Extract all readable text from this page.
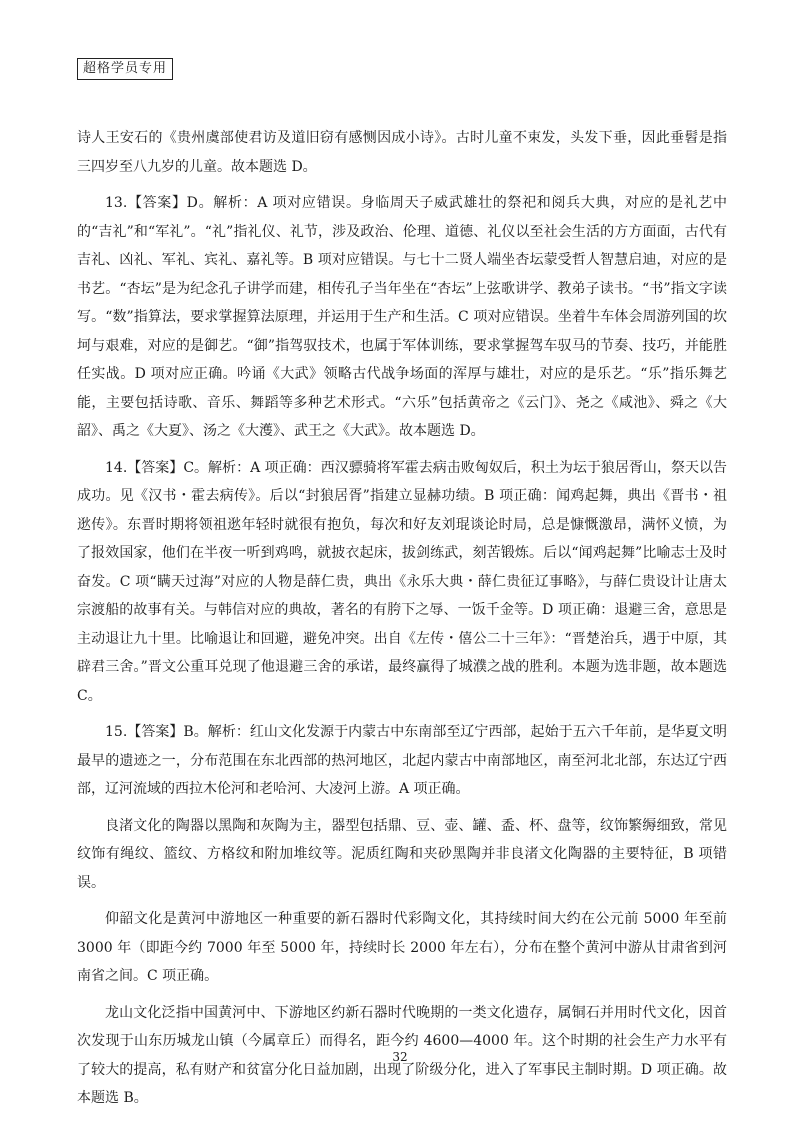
超格学员专用

诗人王安石的《贵州虞部使君访及道旧窃有感恻因成小诗》。古时儿童不束发，头发下垂，因此垂髫是指三四岁至八九岁的儿童。故本题选 D。

13.【答案】D。解析：A 项对应错误。身临周天子威武雄壮的祭祀和阅兵大典，对应的是礼艺中的“吉礼”和“军礼”。“礼”指礼仪、礼节，涉及政治、伦理、道德、礼仪以至社会生活的方方面面，古代有吉礼、凶礼、军礼、宾礼、嘉礼等。B 项对应错误。与七十二贤人端坐杏坛蒙受哲人智慧启迪，对应的是书艺。“杏坛”是为纪念孔子讲学而建，相传孔子当年坐在“杏坛”上弦歌讲学、教弟子读书。“书”指文字读写。“数”指算法，要求掌握算法原理，并运用于生产和生活。C 项对应错误。坐着牛车体会周游列国的坎坷与艰难，对应的是御艺。“御”指驾驭技术，也属于军体训练，要求掌握驾车驭马的节奏、技巧，并能胜任实战。D 项对应正确。吟诵《大武》领略古代战争场面的浑厚与雄壮，对应的是乐艺。“乐”指乐舞艺能，主要包括诗歌、音乐、舞蹈等多种艺术形式。“六乐”包括黄帝之《云门》、尧之《咸池》、舜之《大韶》、禹之《大夏》、汤之《大濩》、武王之《大武》。故本题选 D。

14.【答案】C。解析：A 项正确：西汉骠骑将军霍去病击败匈奴后，积土为坛于狼居胥山，祭天以告成功。见《汉书・霍去病传》。后以“封狼居胥”指建立显赫功绩。B 项正确：闻鸡起舞，典出《晋书・祖逖传》。东晋时期将领祖逖年轻时就很有抱负，每次和好友刘琨谈论时局，总是慷慨激昂，满怀义愤，为了报效国家，他们在半夜一听到鸡鸣，就披衣起床，拔剑练武，刻苦锻炼。后以“闻鸡起舞”比喻志士及时奋发。C 项“瞒天过海”对应的人物是薛仁贵，典出《永乐大典・薛仁贵征辽事略》，与薛仁贵设计让唐太宗渡船的故事有关。与韩信对应的典故，著名的有胯下之辱、一饭千金等。D 项正确：退避三舍，意思是主动退让九十里。比喻退让和回避，避免冲突。出自《左传・僖公二十三年》：“晋楚治兵，遇于中原，其辟君三舍。”晋文公重耳兑现了他退避三舍的承诺，最终赢得了城濮之战的胜利。本题为选非题，故本题选 C。

15.【答案】B。解析：红山文化发源于内蒙古中东南部至辽宁西部，起始于五六千年前，是华夏文明最早的遗迹之一，分布范围在东北西部的热河地区，北起内蒙古中南部地区，南至河北北部，东达辽宁西部，辽河流域的西拉木伦河和老哈河、大凌河上游。A 项正确。

良渚文化的陶器以黑陶和灰陶为主，器型包括鼎、豆、壶、罐、盉、杯、盘等，纹饰繁缛细致，常见纹饰有绳纹、篮纹、方格纹和附加堆纹等。泥质红陶和夹砂黑陶并非良渚文化陶器的主要特征，B 项错误。

仰韶文化是黄河中游地区一种重要的新石器时代彩陶文化，其持续时间大约在公元前 5000 年至前 3000 年（即距今约 7000 年至 5000 年，持续时长 2000 年左右），分布在整个黄河中游从甘肃省到河南省之间。C 项正确。

龙山文化泛指中国黄河中、下游地区约新石器时代晚期的一类文化遗存，属铜石并用时代文化，因首次发现于山东历城龙山镇（今属章丘）而得名，距今约 4600—4000 年。这个时期的社会生产力水平有了较大的提高，私有财产和贫富分化日益加剧，出现了阶级分化，进入了军事民主制时期。D 项正确。故本题选 B。

32
